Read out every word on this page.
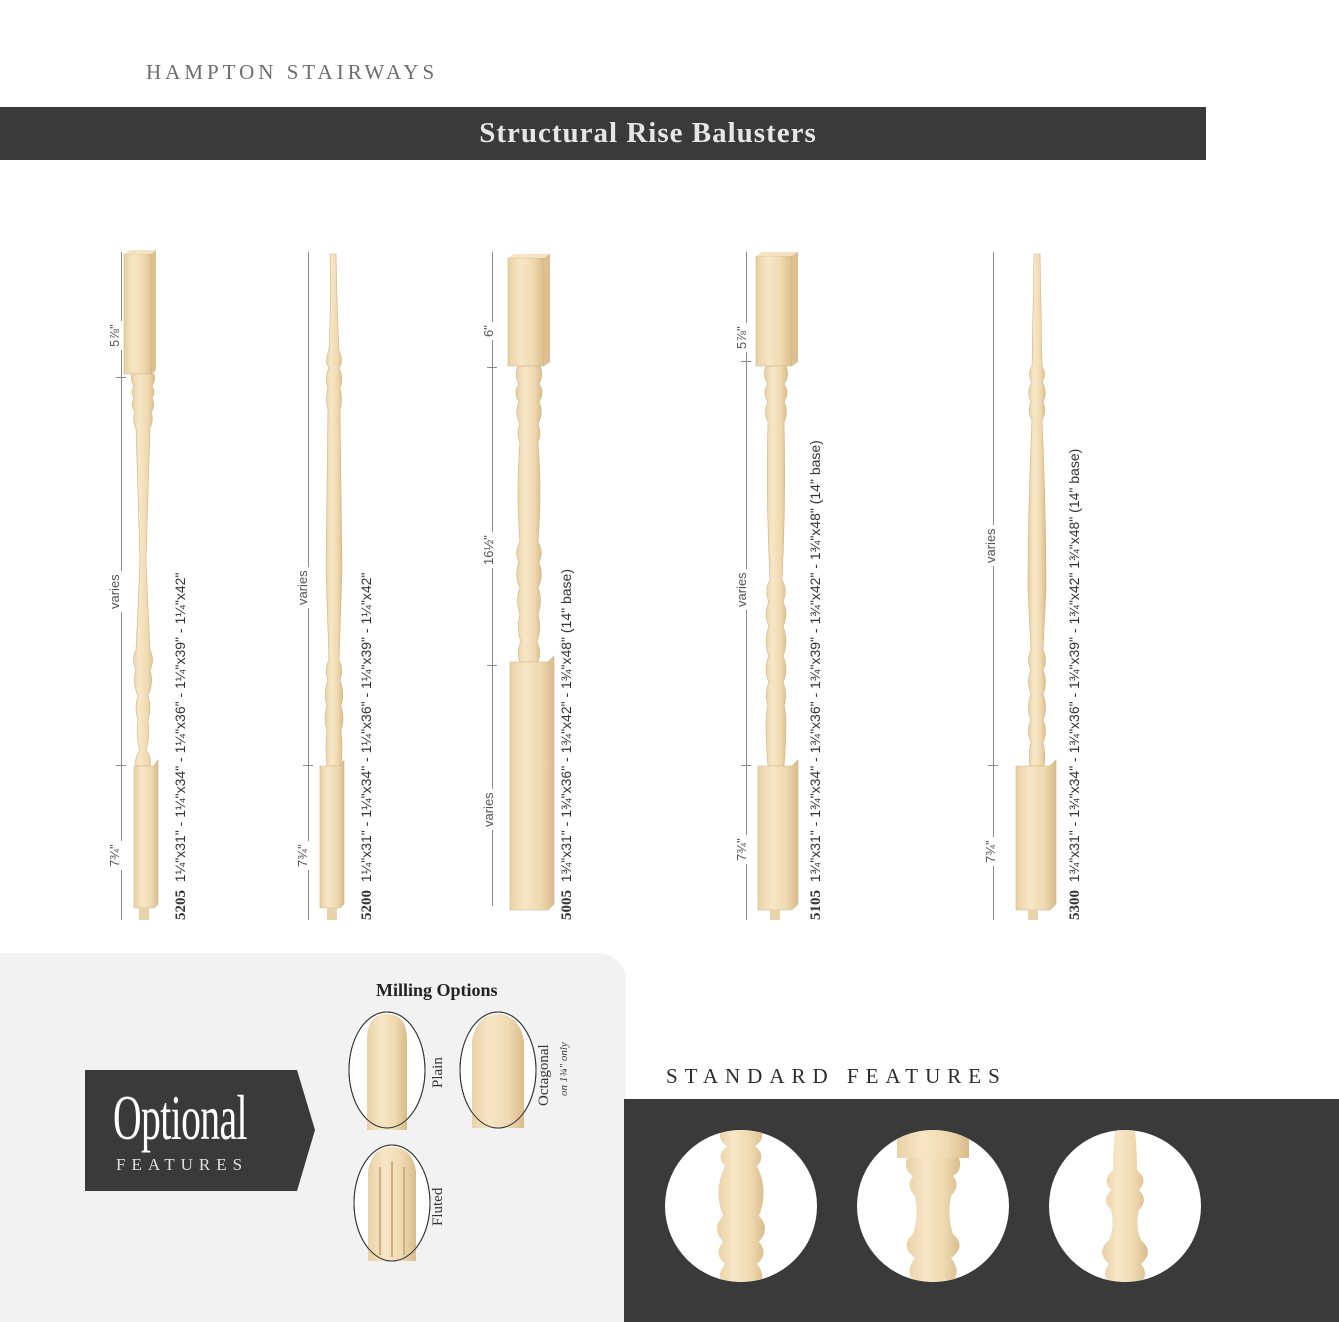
HAMPTON STAIRWAYS
Structural Rise Balusters
5⅞"
varies
7¾"
5205  1¼"x31" - 1¼"x34" - 1¼"x36" - 1¼"x39" - 1¼"x42"	varies
7¾"
5200  1¼"x31" - 1¼"x34" - 1¼"x36" - 1¼"x39" - 1¼"x42"
6"
16½"
varies
5005  1¾"x31" - 1¾"x36" - 1¾"x42" - 1¾"x48" (14" base)
5⅞"
varies
7¾"
5105  1¾"x31" - 1¾"x34" - 1¾"x36" - 1¾"x39" - 1¾"x42" - 1¾"x48" (14" base)	varies
7¾"
5300  1¾"x31" - 1¾"x34" - 1¾"x36" - 1¾"x39" - 1¾"x42" 1¾"x48" (14" base)
Optional
FEATURES
Milling Options
Plain	Octagonal on 1¾" only
Fluted
STANDARD FEATURES
